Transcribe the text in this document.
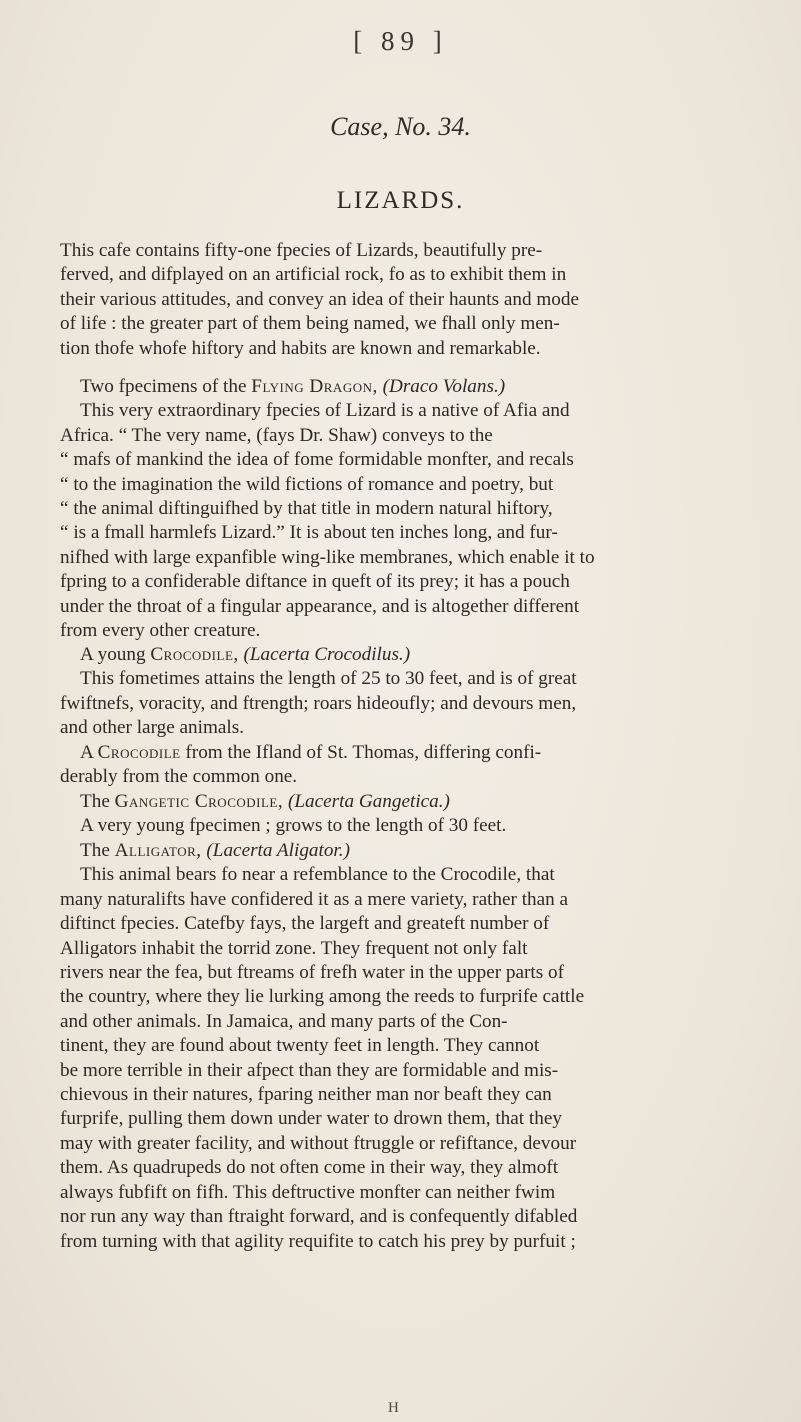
[ 89 ]
Case, No. 34.
LIZARDS.
This cafe contains fifty-one fpecies of Lizards, beautifully pre-
ferved, and difplayed on an artificial rock, fo as to exhibit them in
their various attitudes, and convey an idea of their haunts and mode
of life : the greater part of them being named, we fhall only men-
tion thofe whofe hiftory and habits are known and remarkable.
Two fpecimens of the Flying Dragon, (Draco Volans.)
This very extraordinary fpecies of Lizard is a native of Afia and
Africa. “ The very name, (fays Dr. Shaw) conveys to the
“ mafs of mankind the idea of fome formidable monfter, and recals
“ to the imagination the wild fictions of romance and poetry, but
“ the animal diftinguifhed by that title in modern natural hiftory,
“ is a fmall harmlefs Lizard.” It is about ten inches long, and fur-
nifhed with large expanfible wing-like membranes, which enable it to
fpring to a confiderable diftance in queft of its prey; it has a pouch
under the throat of a fingular appearance, and is altogether different
from every other creature.
A young Crocodile, (Lacerta Crocodilus.)
This fometimes attains the length of 25 to 30 feet, and is of great
fwiftnefs, voracity, and ftrength; roars hideoufly; and devours men,
and other large animals.
A Crocodile from the Ifland of St. Thomas, differing confi-
derably from the common one.
The Gangetic Crocodile, (Lacerta Gangetica.)
A very young fpecimen ; grows to the length of 30 feet.
The Alligator, (Lacerta Aligator.)
This animal bears fo near a refemblance to the Crocodile, that
many naturalifts have confidered it as a mere variety, rather than a
diftinct fpecies. Catefby fays, the largeft and greateft number of
Alligators inhabit the torrid zone. They frequent not only falt
rivers near the fea, but ftreams of frefh water in the upper parts of
the country, where they lie lurking among the reeds to furprife cattle
and other animals. In Jamaica, and many parts of the Con-
tinent, they are found about twenty feet in length. They cannot
be more terrible in their afpect than they are formidable and mis-
chievous in their natures, fparing neither man nor beaft they can
furprife, pulling them down under water to drown them, that they
may with greater facility, and without ftruggle or refiftance, devour
them. As quadrupeds do not often come in their way, they almoft
always fubfift on fifh. This deftructive monfter can neither fwim
nor run any way than ftraight forward, and is confequently difabled
from turning with that agility requifite to catch his prey by purfuit ;
H
